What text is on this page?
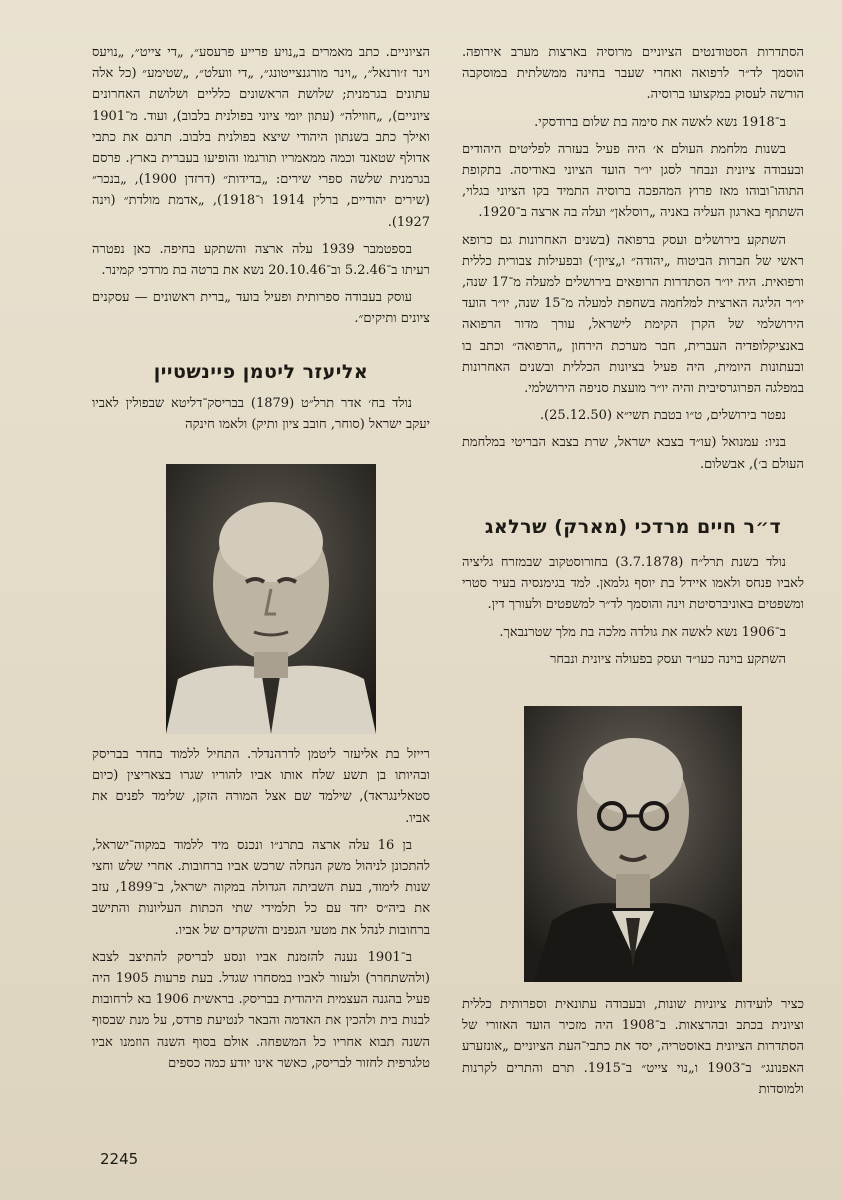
הסתדרות הסטודנטים הציוניים מרוסיה בארצות מערב אירופה. הוסמך לד״ר לרפואה ואחרי שעבר בחינה ממשלתית במוסקבה הורשה לעסוק במקצועו ברוסיה.

ב־1918 נשא לאשה את סימה בת שלום ברודסקי.

בשנות מלחמת העולם א׳ היה פעיל בעזרה לפליטים היהודים ובעבודה ציונית ונבחר לסגן יו״ר הועד הציוני באודיסה. בתקופת התוהו־ובוהו מאז פרוץ המהפכה ברוסיה התמיד בקו הציוני בגלוי, השתתף בארגון העליה באניה „רוסלאן״ ועלה בה ארצה ב־1920.

השתקע בירושלים ועסק ברפואה (בשנים האחרונות גם כרופא ראשי של חברות הביטוח „יהודה״ ו„ציון״) ובפעילות צבורית כללית ורפואית. היה יו״ר הסתדרות הרופאים בירושלים למעלה מ־17 שנה, יו״ר הליגה הארצית למלחמה בשחפת למעלה מ־15 שנה, יו״ר הועד הירושלמי של הקרן הקימת לישראל, עורך מדור הרפואה באנציקלופדיה העברית, חבר מערכת הירחון „הרפואה״ וכתב בו ובעתונות היומית, היה פעיל בציונות הכללית ובשנים האחרונות במפלגה הפרוגרסיבית והיה יו״ר מועצת סניפה הירושלמי.

נפטר בירושלים, ט״ו בטבת תשי״א (25.12.50).

בניו: עמנואל (עו״ד בצבא ישראל, שרת בצבא הבריטי במלחמת העולם ב׳), אבשלום.

ד״ר חיים מרדכי (מארק) שרלאג

נולד בשנת תרל״ח (3.7.1878) בחורוסטקוב שבמזרח גליציה לאביו פנחס ולאמו איידל בת יוסף גלמאן. למד בגימנסיה בעיר סטרי ומשפטים באוניברסיטת וינה והוסמך לד״ר למשפטים ולעורך דין.

ב־1906 נשא לאשה את גולדה מלכה בת מלך שטרנבאך.

השתקע בוינה כעו״ד ועסק בפעולה ציונית ונבחר

כציר לועידות ציוניות שונות, ובעבודה עתונאית וספרותית כללית וציונית בכתב ובהרצאות. ב־1908 היה מזכיר הועד האזורי של הסתדרות הציונית באוסטריה, יסד את כתבי־העת הציוניים „אונזערע האפנונג״ ב־1903 ו„נוי צייט״ ב־1915. תרם והתרים לקרנות ולמוסדות

הציוניים. כתב מאמרים ב„נויע פרייע פרעסע״, „די צייט״, „נויעס וינר ז׳ורנאל״, „וינר מורגנצייטונג״, „די וועלט״, „שטימע״ (כל אלה עתונים בגרמנית; שלושת הראשונים כלליים ושלושת האחרונים ציוניים), „חווילה״ (עתון יומי ציוני בפולנית בלבוב), ועוד. מ־1901 ואילך כתב בשנתון היהודי שיצא בפולנית בלבוב. תרגם את כתבי אדולף שטאנד וכמה ממאמריו תורגמו והופיעו בעברית בארץ. פרסם בגרמנית שלשה ספרי שירים: „בדידות״ (דרזדן 1900), „בנכר״ (שירים יהודיים, ברלין 1914 ו־1918), „אדמת מולדת״ (וינה 1927).

בספטמבר 1939 עלה ארצה והשתקע בחיפה. כאן נפטרה רעיתו ב־5.2.46 וב־20.10.46 נשא את ברטה בת מרדכי קמינר.

עוסק בעבודה ספרותית ופעיל בועד „ברית ראשונים — עסקנים ציונים ותיקים״.

אליעזר ליטמן פיינשטיין

נולד בח׳ אדר תרל״ט (1879) בבריסק־דליטא שבפולין לאביו יעקב ישראל (סוחר, חובב ציון ותיק) ולאמו חינקה

רייזל בת אליעזר ליטמן לדרהנדלר. התחיל ללמוד בחדר בבריסק ובהיותו בן תשע שלח אותו אביו להוריו שגרו בצאריצין (כיום סטאלינגראד), שילמד שם אצל המורה הזקן, שלימד לפנים את אביו.

בן 16 עלה ארצה בתרנ״ו ונכנס מיד ללמוד במקוה־ישראל, להתכונן לניהול משק הנחלה שרכש אביו ברחובות. אחרי שלש וחצי שנות לימוד, בעת השביתה הגדולה במקוה ישראל, ב־1899, עזב את ביה״ס יחד עם כל תלמידי שתי הכתות העליונות והתישב ברחובות לנהל את מטעי הגפנים והשקדים של אביו.

ב־1901 נענה להזמנת אביו ונסע לבריסק להתיצב לצבא (ולהשתחרר) ולעזור לאביו במסחרו שגדל. בעת פרעות 1905 היה פעיל בהגנה העצמית היהודית בבריסק. בראשית 1906 בא לרחובות לבנות בית ולהכין את האדמה והבאר לנטיעת פרדס, על מנת שבסוף השנה תבוא אחריו כל המשפחה. אולם בסוף השנה הוזמנו אביו טלגרפית לחזור לבריסק, כאשר אינו יודע כמה כספים

2245
